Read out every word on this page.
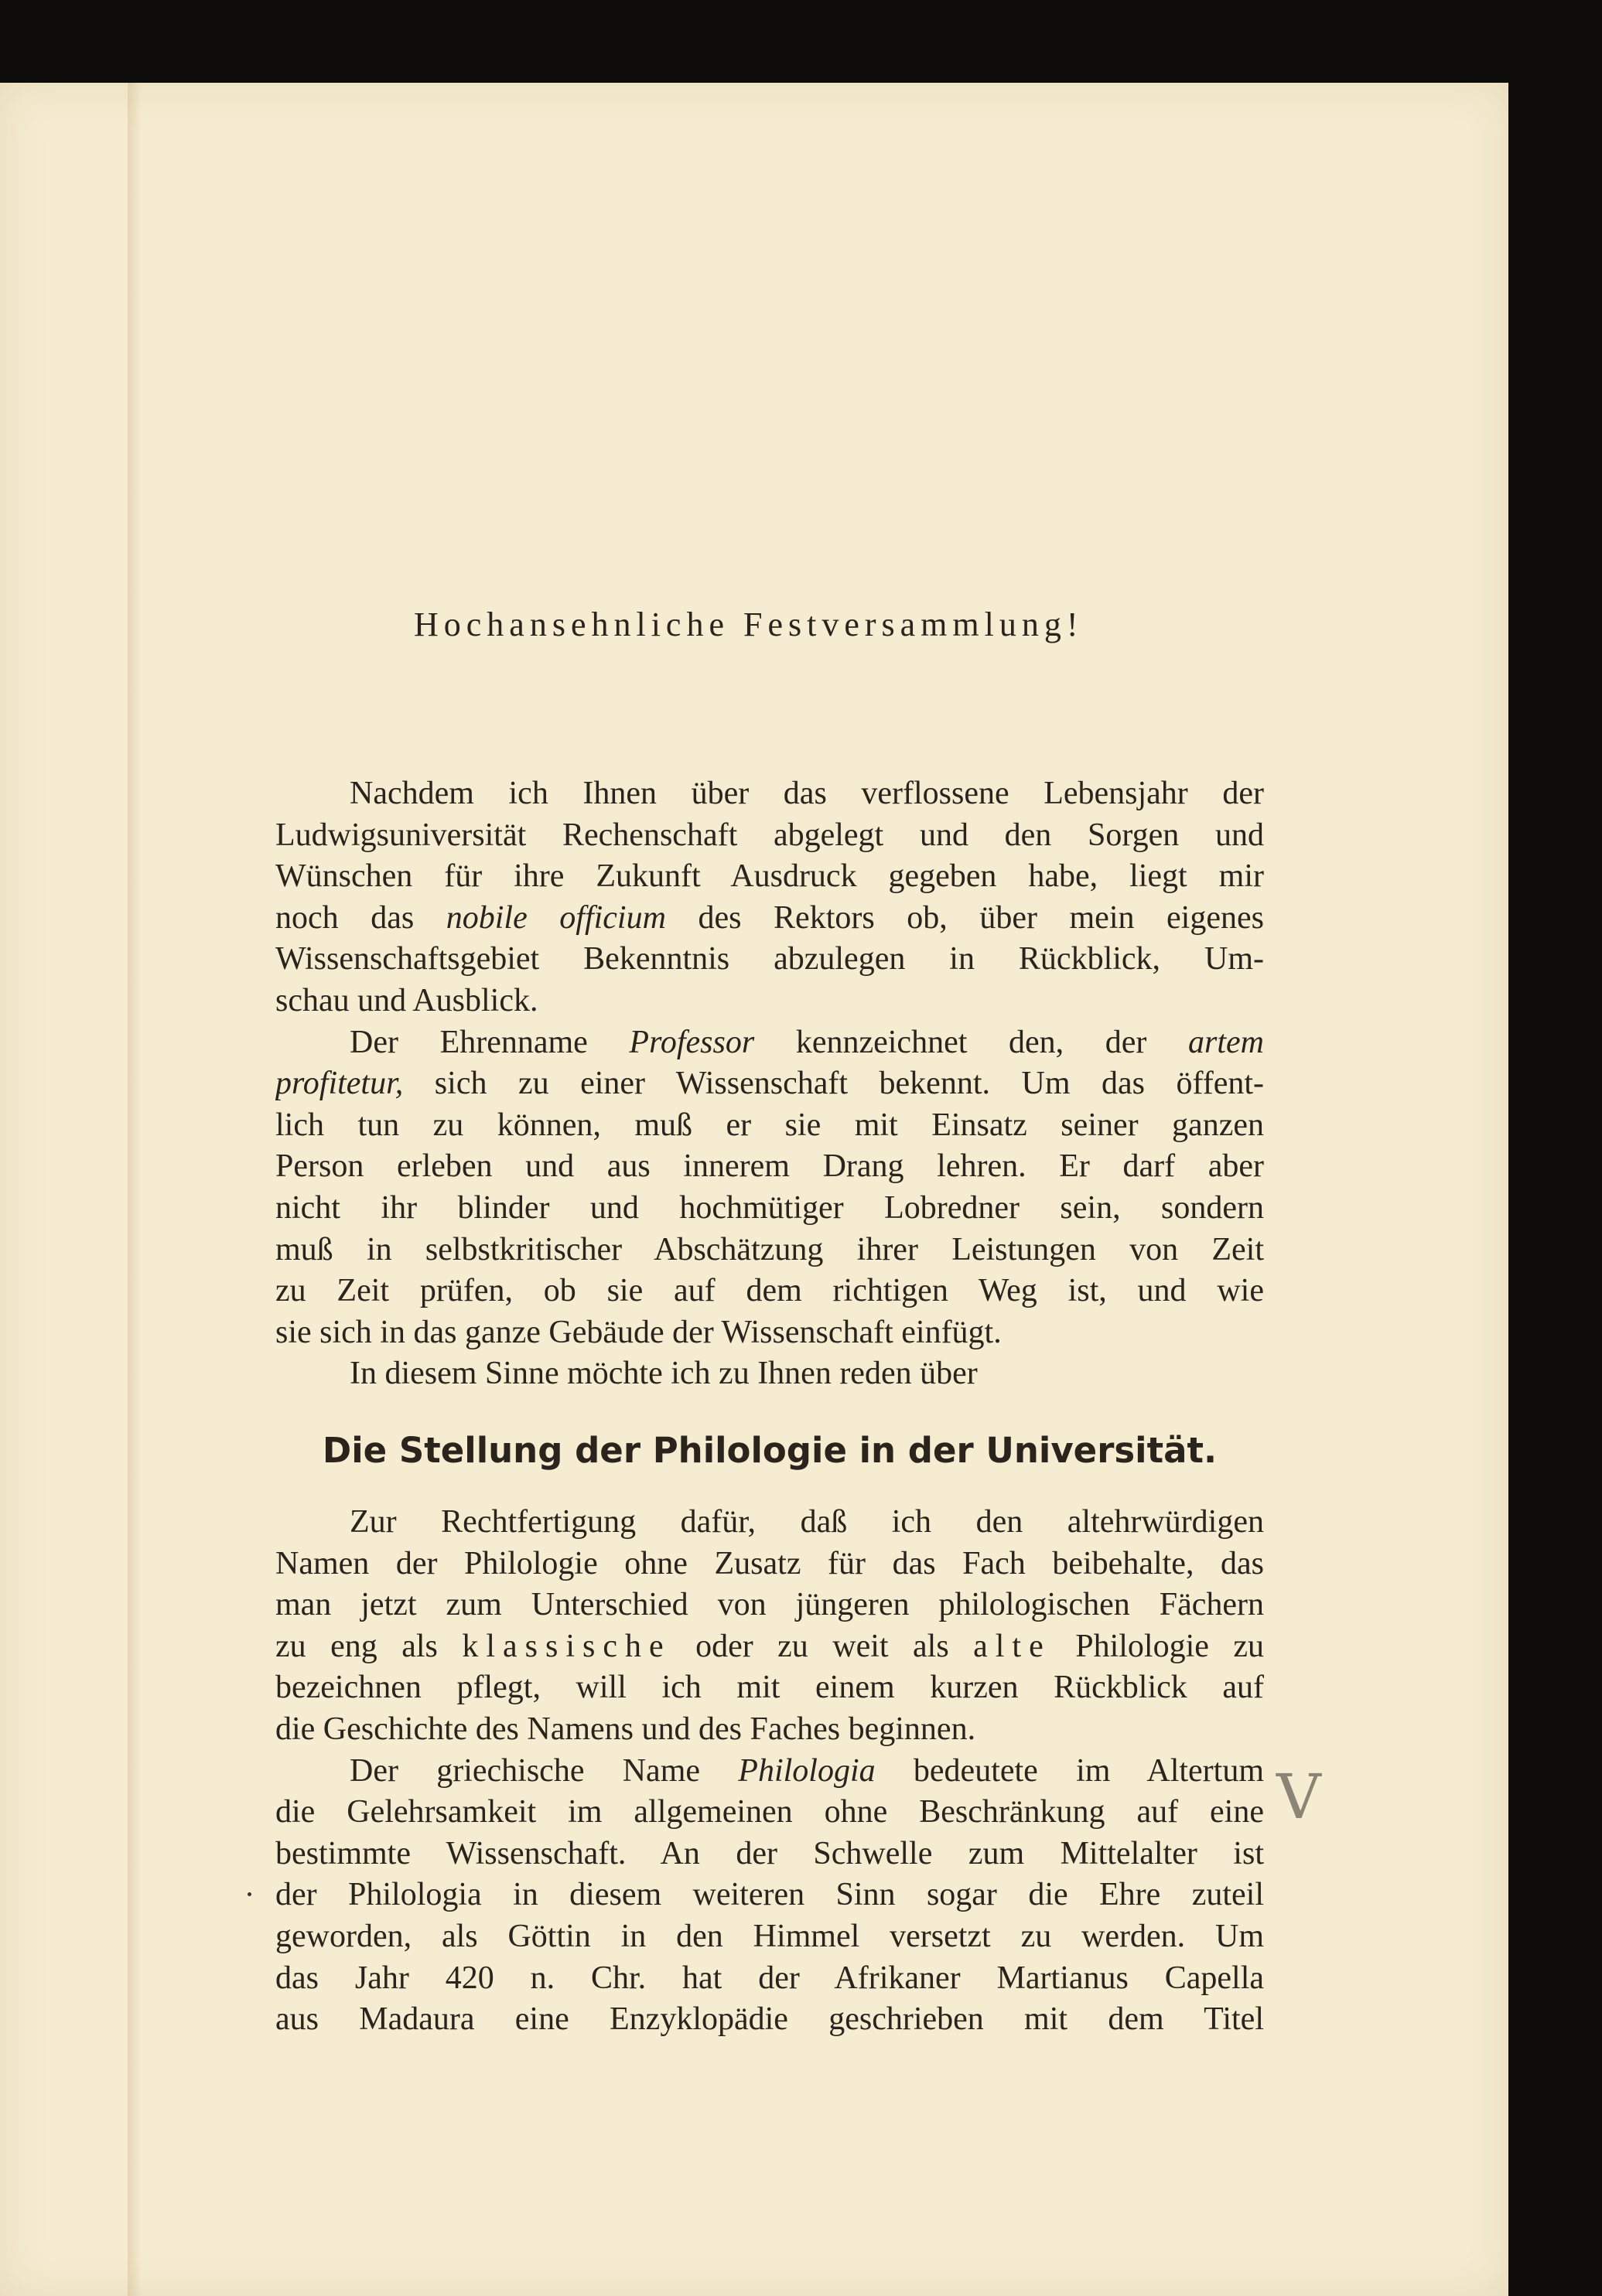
Hochansehnliche Festversammlung!
Nachdem ich Ihnen über das verflossene Lebensjahr der
Ludwigsuniversität Rechenschaft abgelegt und den Sorgen und
Wünschen für ihre Zukunft Ausdruck gegeben habe, liegt mir
noch das nobile officium des Rektors ob, über mein eigenes
Wissenschaftsgebiet Bekenntnis abzulegen in Rückblick, Um-
schau und Ausblick.
Der Ehrenname Professor kennzeichnet den, der artem
profitetur, sich zu einer Wissenschaft bekennt. Um das öffent-
lich tun zu können, muß er sie mit Einsatz seiner ganzen
Person erleben und aus innerem Drang lehren. Er darf aber
nicht ihr blinder und hochmütiger Lobredner sein, sondern
muß in selbstkritischer Abschätzung ihrer Leistungen von Zeit
zu Zeit prüfen, ob sie auf dem richtigen Weg ist, und wie
sie sich in das ganze Gebäude der Wissenschaft einfügt.
In diesem Sinne möchte ich zu Ihnen reden über
Die Stellung der Philologie in der Universität.
Zur Rechtfertigung dafür, daß ich den altehrwürdigen
Namen der Philologie ohne Zusatz für das Fach beibehalte, das
man jetzt zum Unterschied von jüngeren philologischen Fächern
zu eng als klassische oder zu weit als alte Philologie zu
bezeichnen pflegt, will ich mit einem kurzen Rückblick auf
die Geschichte des Namens und des Faches beginnen.
Der griechische Name Philologia bedeutete im Altertum
die Gelehrsamkeit im allgemeinen ohne Beschränkung auf eine
bestimmte Wissenschaft. An der Schwelle zum Mittelalter ist
der Philologia in diesem weiteren Sinn sogar die Ehre zuteil
geworden, als Göttin in den Himmel versetzt zu werden. Um
das Jahr 420 n. Chr. hat der Afrikaner Martianus Capella
aus Madaura eine Enzyklopädie geschrieben mit dem Titel
V
